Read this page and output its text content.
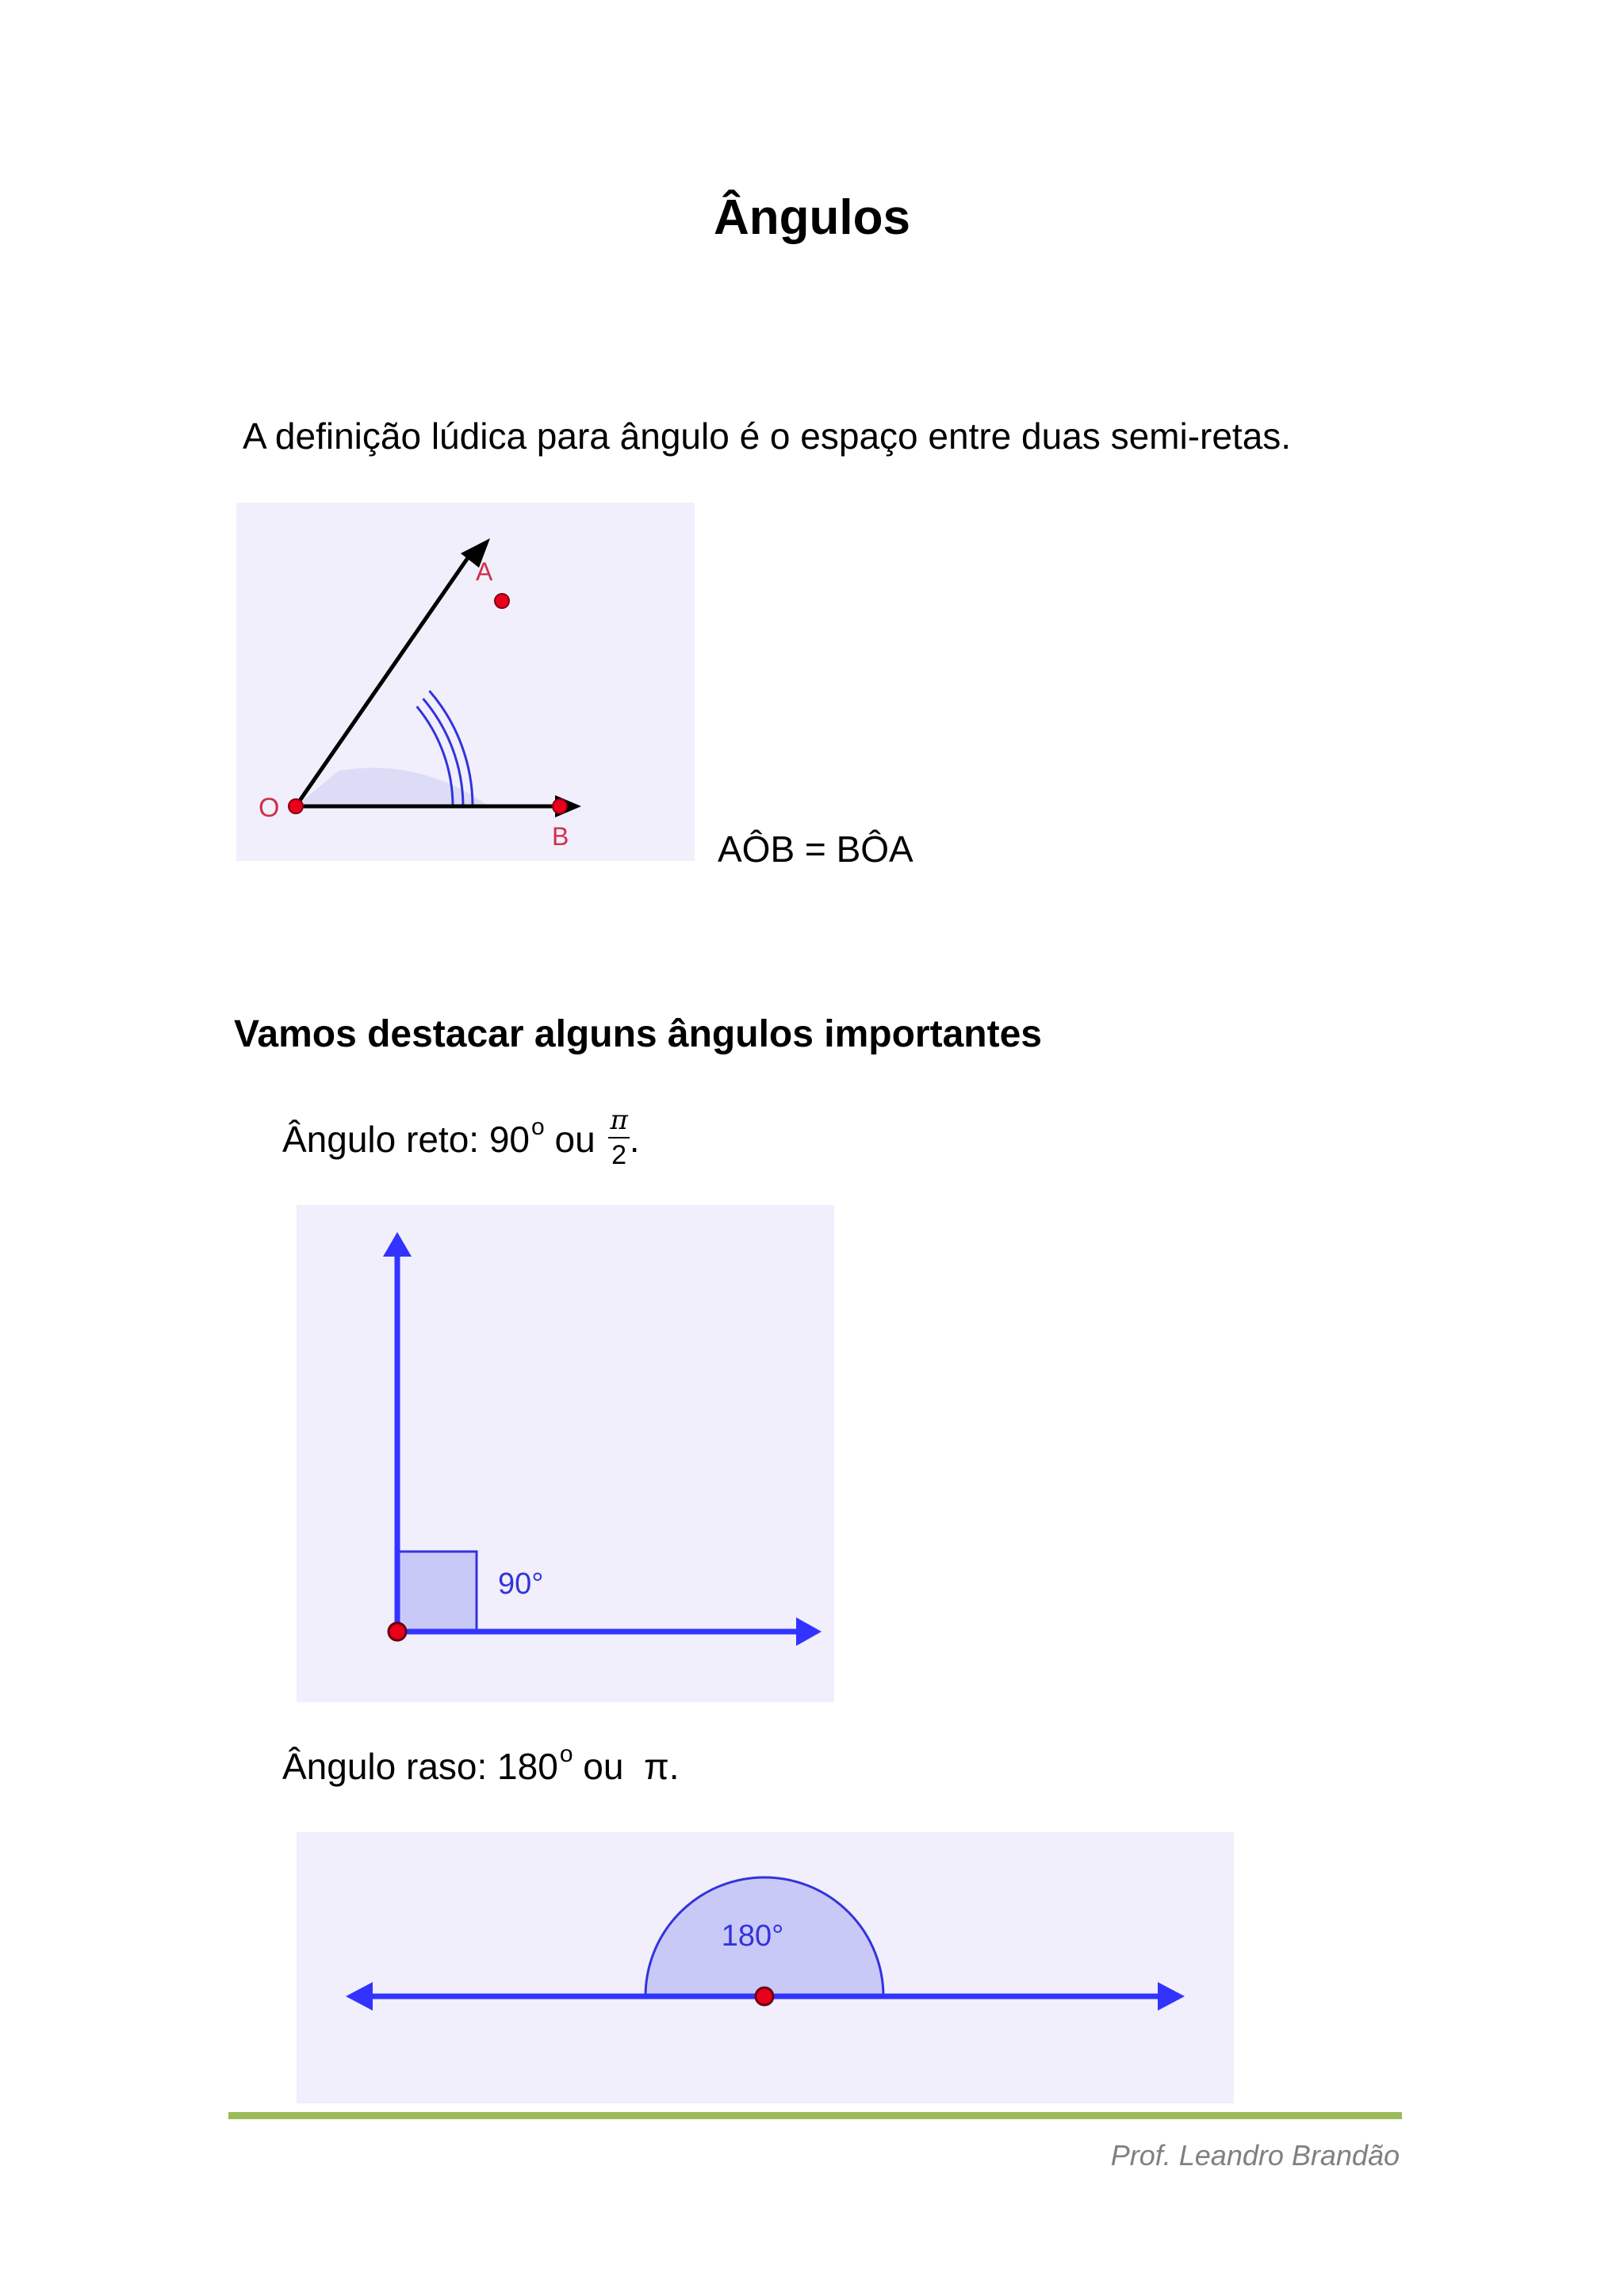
Ângulos
A definição lúdica para ângulo é o espaço entre duas semi-retas.
O
A
B	AÔB = BÔA
Vamos destacar alguns ângulos importantes
Ângulo reto: 90$^o$ ou $\frac{\pi}{2}$ .
90°
Ângulo raso: 180$^o$ ou  π.
180°
Prof. Leandro Brandão
